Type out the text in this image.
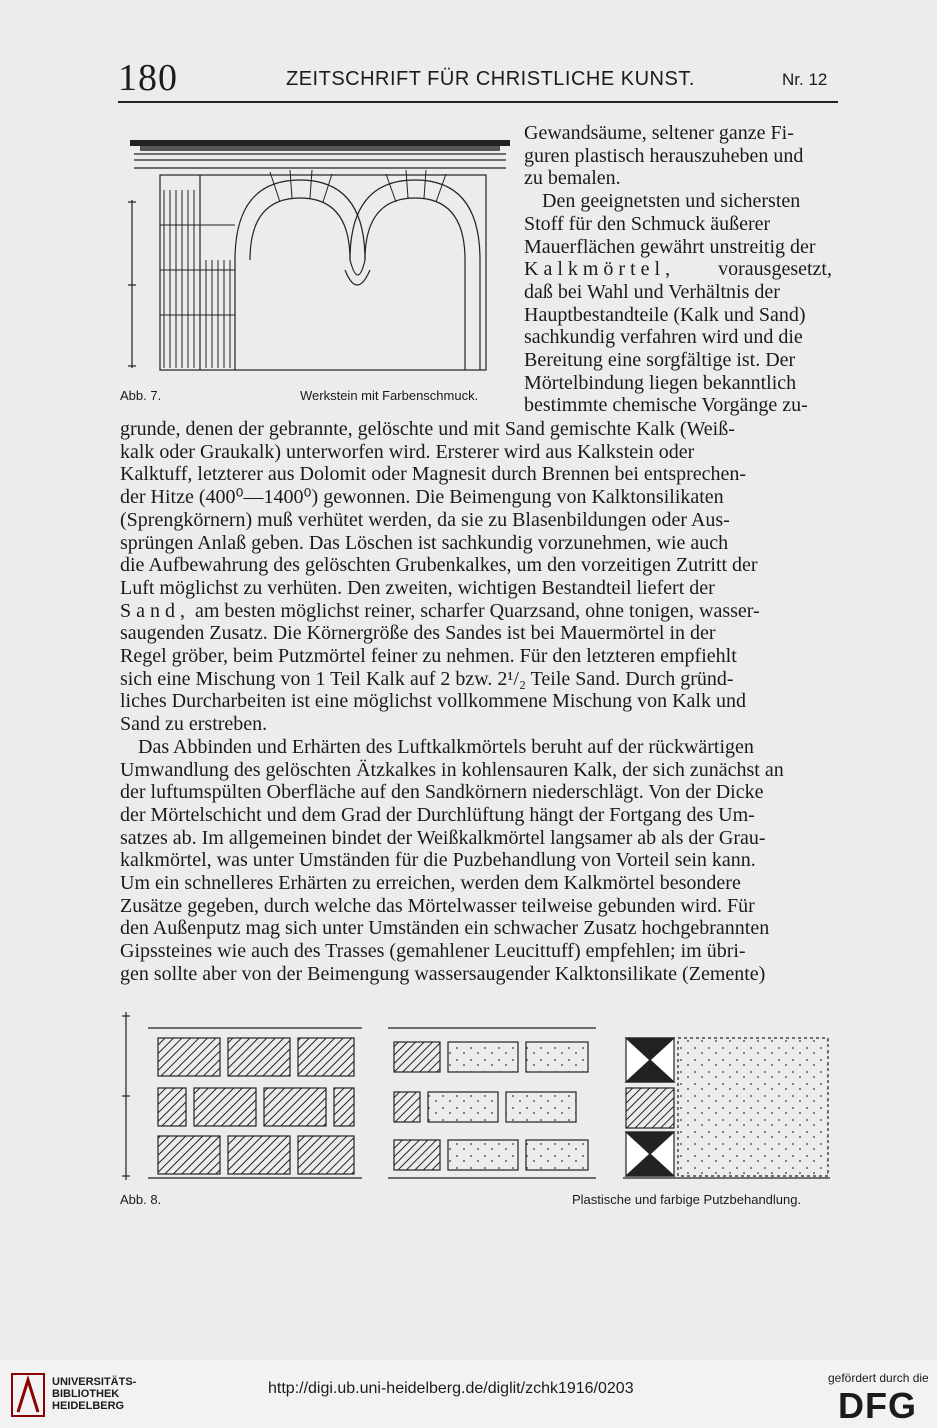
180	ZEITSCHRIFT FÜR CHRISTLICHE KUNST.	Nr. 12
Abb. 7.	Werkstein mit Farbenschmuck.

Gewandsäume, seltener ganze Fi-
guren plastisch herauszuheben und
zu bemalen.

Den geeignetsten und sichersten
Stoff für den Schmuck äußerer
Mauerflächen gewährt unstreitig der
Kalkmörtel,	vorausgesetzt,

daß bei Wahl und Verhältnis der
Hauptbestandteile (Kalk und Sand)
sachkundig verfahren wird und die
Bereitung eine sorgfältige ist. Der
Mörtelbindung liegen bekanntlich
bestimmte chemische Vorgänge zu-

grunde, denen der gebrannte, gelöschte und mit Sand gemischte Kalk (Weiß-
kalk oder Graukalk) unterworfen wird. Ersterer wird aus Kalkstein oder
Kalktuff, letzterer aus Dolomit oder Magnesit durch Brennen bei entsprechen-
der Hitze (400⁰—1400⁰) gewonnen. Die Beimengung von Kalktonsilikaten
(Sprengkörnern) muß verhütet werden, da sie zu Blasenbildungen oder Aus-
sprüngen Anlaß geben. Das Löschen ist sachkundig vorzunehmen, wie auch
die Aufbewahrung des gelöschten Grubenkalkes, um den vorzeitigen Zutritt der
Luft möglichst zu verhüten. Den zweiten, wichtigen Bestandteil liefert der
Sand, am besten möglichst reiner, scharfer Quarzsand, ohne tonigen, wasser-
saugenden Zusatz. Die Körnergröße des Sandes ist bei Mauermörtel in der
Regel gröber, beim Putzmörtel feiner zu nehmen. Für den letzteren empfiehlt
sich eine Mischung von 1 Teil Kalk auf 2 bzw. 2¹/₂ Teile Sand. Durch gründ-
liches Durcharbeiten ist eine möglichst vollkommene Mischung von Kalk und
Sand zu erstreben.

Das Abbinden und Erhärten des Luftkalkmörtels beruht auf der rückwärtigen
Umwandlung des gelöschten Ätzkalkes in kohlensauren Kalk, der sich zunächst an
der luftumspülten Oberfläche auf den Sandkörnern niederschlägt. Von der Dicke
der Mörtelschicht und dem Grad der Durchlüftung hängt der Fortgang des Um-
satzes ab. Im allgemeinen bindet der Weißkalkmörtel langsamer ab als der Grau-
kalkmörtel, was unter Umständen für die Puzbehandlung von Vorteil sein kann.
Um ein schnelleres Erhärten zu erreichen, werden dem Kalkmörtel besondere
Zusätze gegeben, durch welche das Mörtelwasser teilweise gebunden wird. Für
den Außenputz mag sich unter Umständen ein schwacher Zusatz hochgebrannten
Gipssteines wie auch des Trasses (gemahlener Leucittuff) empfehlen; im übri-
gen sollte aber von der Beimengung wassersaugender Kalktonsilikate (Zemente)

Abb. 8.	Plastische und farbige Putzbehandlung.
UNIVERSITÄTS-
BIBLIOTHEK
HEIDELBERG
http://digi.ub.uni-heidelberg.de/diglit/zchk1916/0203
gefördert durch die
DFG
